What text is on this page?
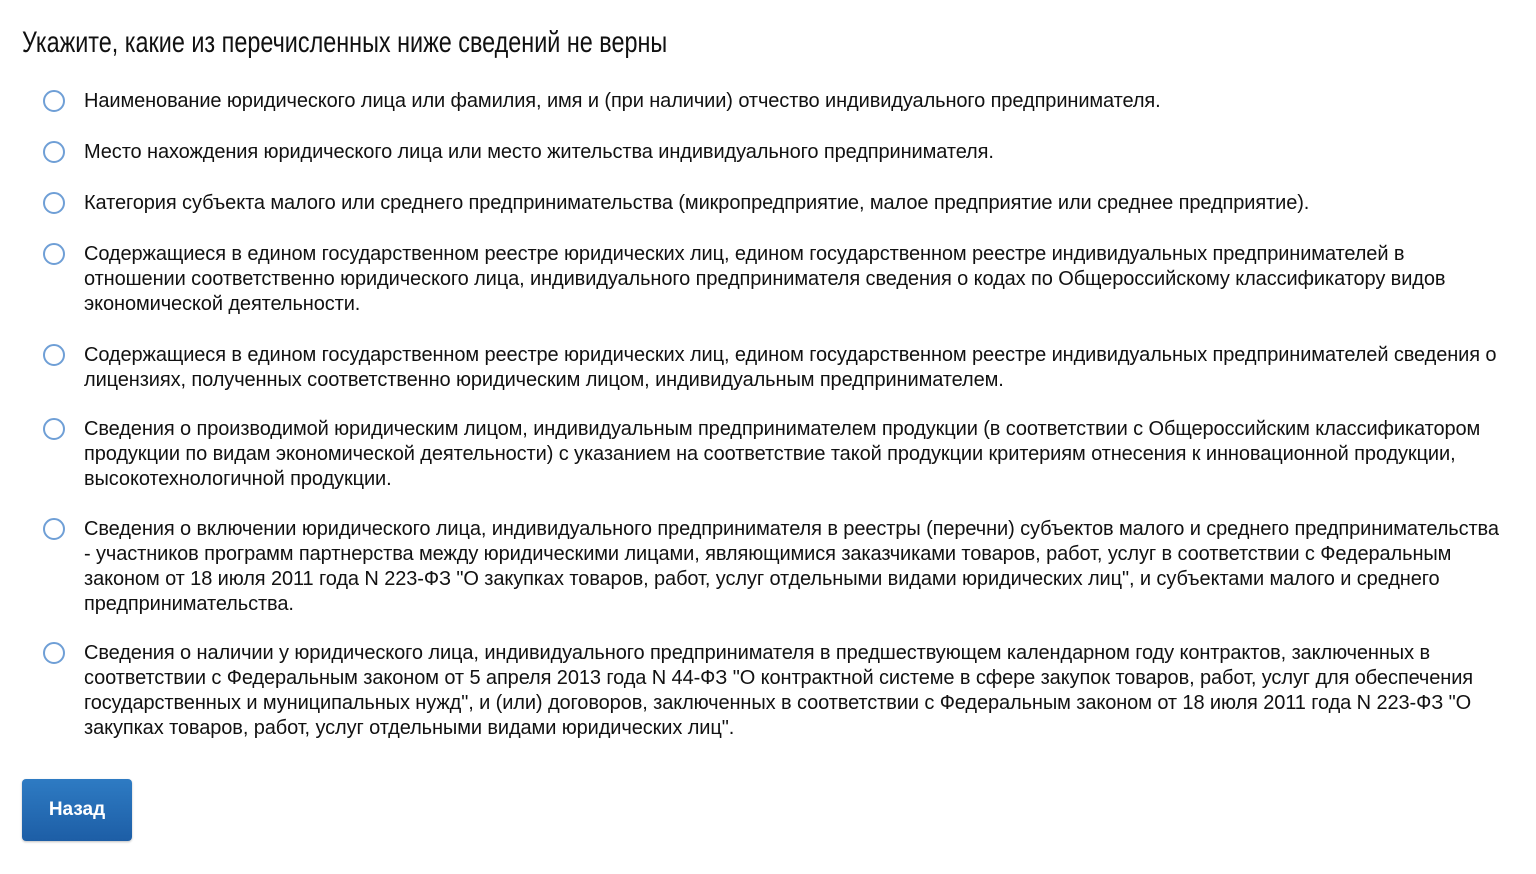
Укажите, какие из перечисленных ниже сведений не верны
Наименование юридического лица или фамилия, имя и (при наличии) отчество индивидуального предпринимателя.
Место нахождения юридического лица или место жительства индивидуального предпринимателя.
Категория субъекта малого или среднего предпринимательства (микропредприятие, малое предприятие или среднее предприятие).
Содержащиеся в едином государственном реестре юридических лиц, едином государственном реестре индивидуальных предпринимателей в отношении соответственно юридического лица, индивидуального предпринимателя сведения о кодах по Общероссийскому классификатору видов экономической деятельности.
Содержащиеся в едином государственном реестре юридических лиц, едином государственном реестре индивидуальных предпринимателей сведения о лицензиях, полученных соответственно юридическим лицом, индивидуальным предпринимателем.
Сведения о производимой юридическим лицом, индивидуальным предпринимателем продукции (в соответствии с Общероссийским классификатором продукции по видам экономической деятельности) с указанием на соответствие такой продукции критериям отнесения к инновационной продукции, высокотехнологичной продукции.
Сведения о включении юридического лица, индивидуального предпринимателя в реестры (перечни) субъектов малого и среднего предпринимательства - участников программ партнерства между юридическими лицами, являющимися заказчиками товаров, работ, услуг в соответствии с Федеральным законом от 18 июля 2011 года N 223-ФЗ "О закупках товаров, работ, услуг отдельными видами юридических лиц", и субъектами малого и среднего предпринимательства.
Сведения о наличии у юридического лица, индивидуального предпринимателя в предшествующем календарном году контрактов, заключенных в соответствии с Федеральным законом от 5 апреля 2013 года N 44-ФЗ "О контрактной системе в сфере закупок товаров, работ, услуг для обеспечения государственных и муниципальных нужд", и (или) договоров, заключенных в соответствии с Федеральным законом от 18 июля 2011 года N 223-ФЗ "О закупках товаров, работ, услуг отдельными видами юридических лиц".
Назад
